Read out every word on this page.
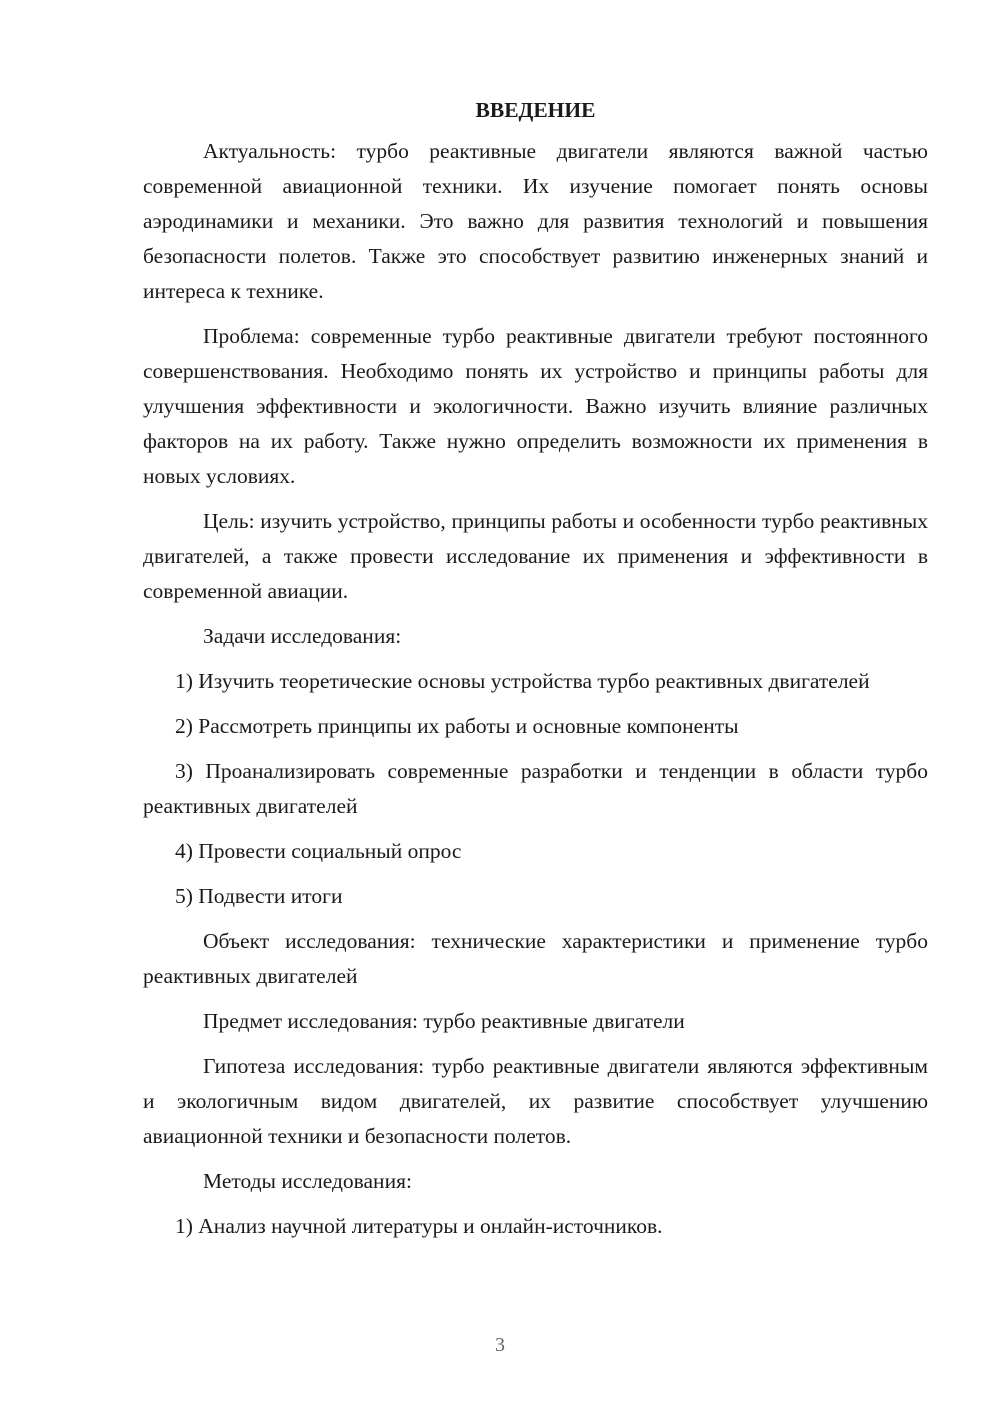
ВВЕДЕНИЕ

Актуальность: турбо реактивные двигатели являются важной частью современной авиационной техники. Их изучение помогает понять основы аэродинамики и механики. Это важно для развития технологий и повышения безопасности полетов. Также это способствует развитию инженерных знаний и интереса к технике.

Проблема: современные турбо реактивные двигатели требуют постоянного совершенствования. Необходимо понять их устройство и принципы работы для улучшения эффективности и экологичности. Важно изучить влияние различных факторов на их работу. Также нужно определить возможности их применения в новых условиях.

Цель: изучить устройство, принципы работы и особенности турбо реактивных двигателей, а также провести исследование их применения и эффективности в современной авиации.

Задачи исследования:

1) Изучить теоретические основы устройства турбо реактивных двигателей

2) Рассмотреть принципы их работы и основные компоненты

3) Проанализировать современные разработки и тенденции в области турбо реактивных двигателей

4) Провести социальный опрос

5) Подвести итоги

Объект исследования: технические характеристики и применение турбо реактивных двигателей

Предмет исследования: турбо реактивные двигатели

Гипотеза исследования: турбо реактивные двигатели являются эффективным и экологичным видом двигателей, их развитие способствует улучшению авиационной техники и безопасности полетов.

Методы исследования:

1) Анализ научной литературы и онлайн-источников.

3
